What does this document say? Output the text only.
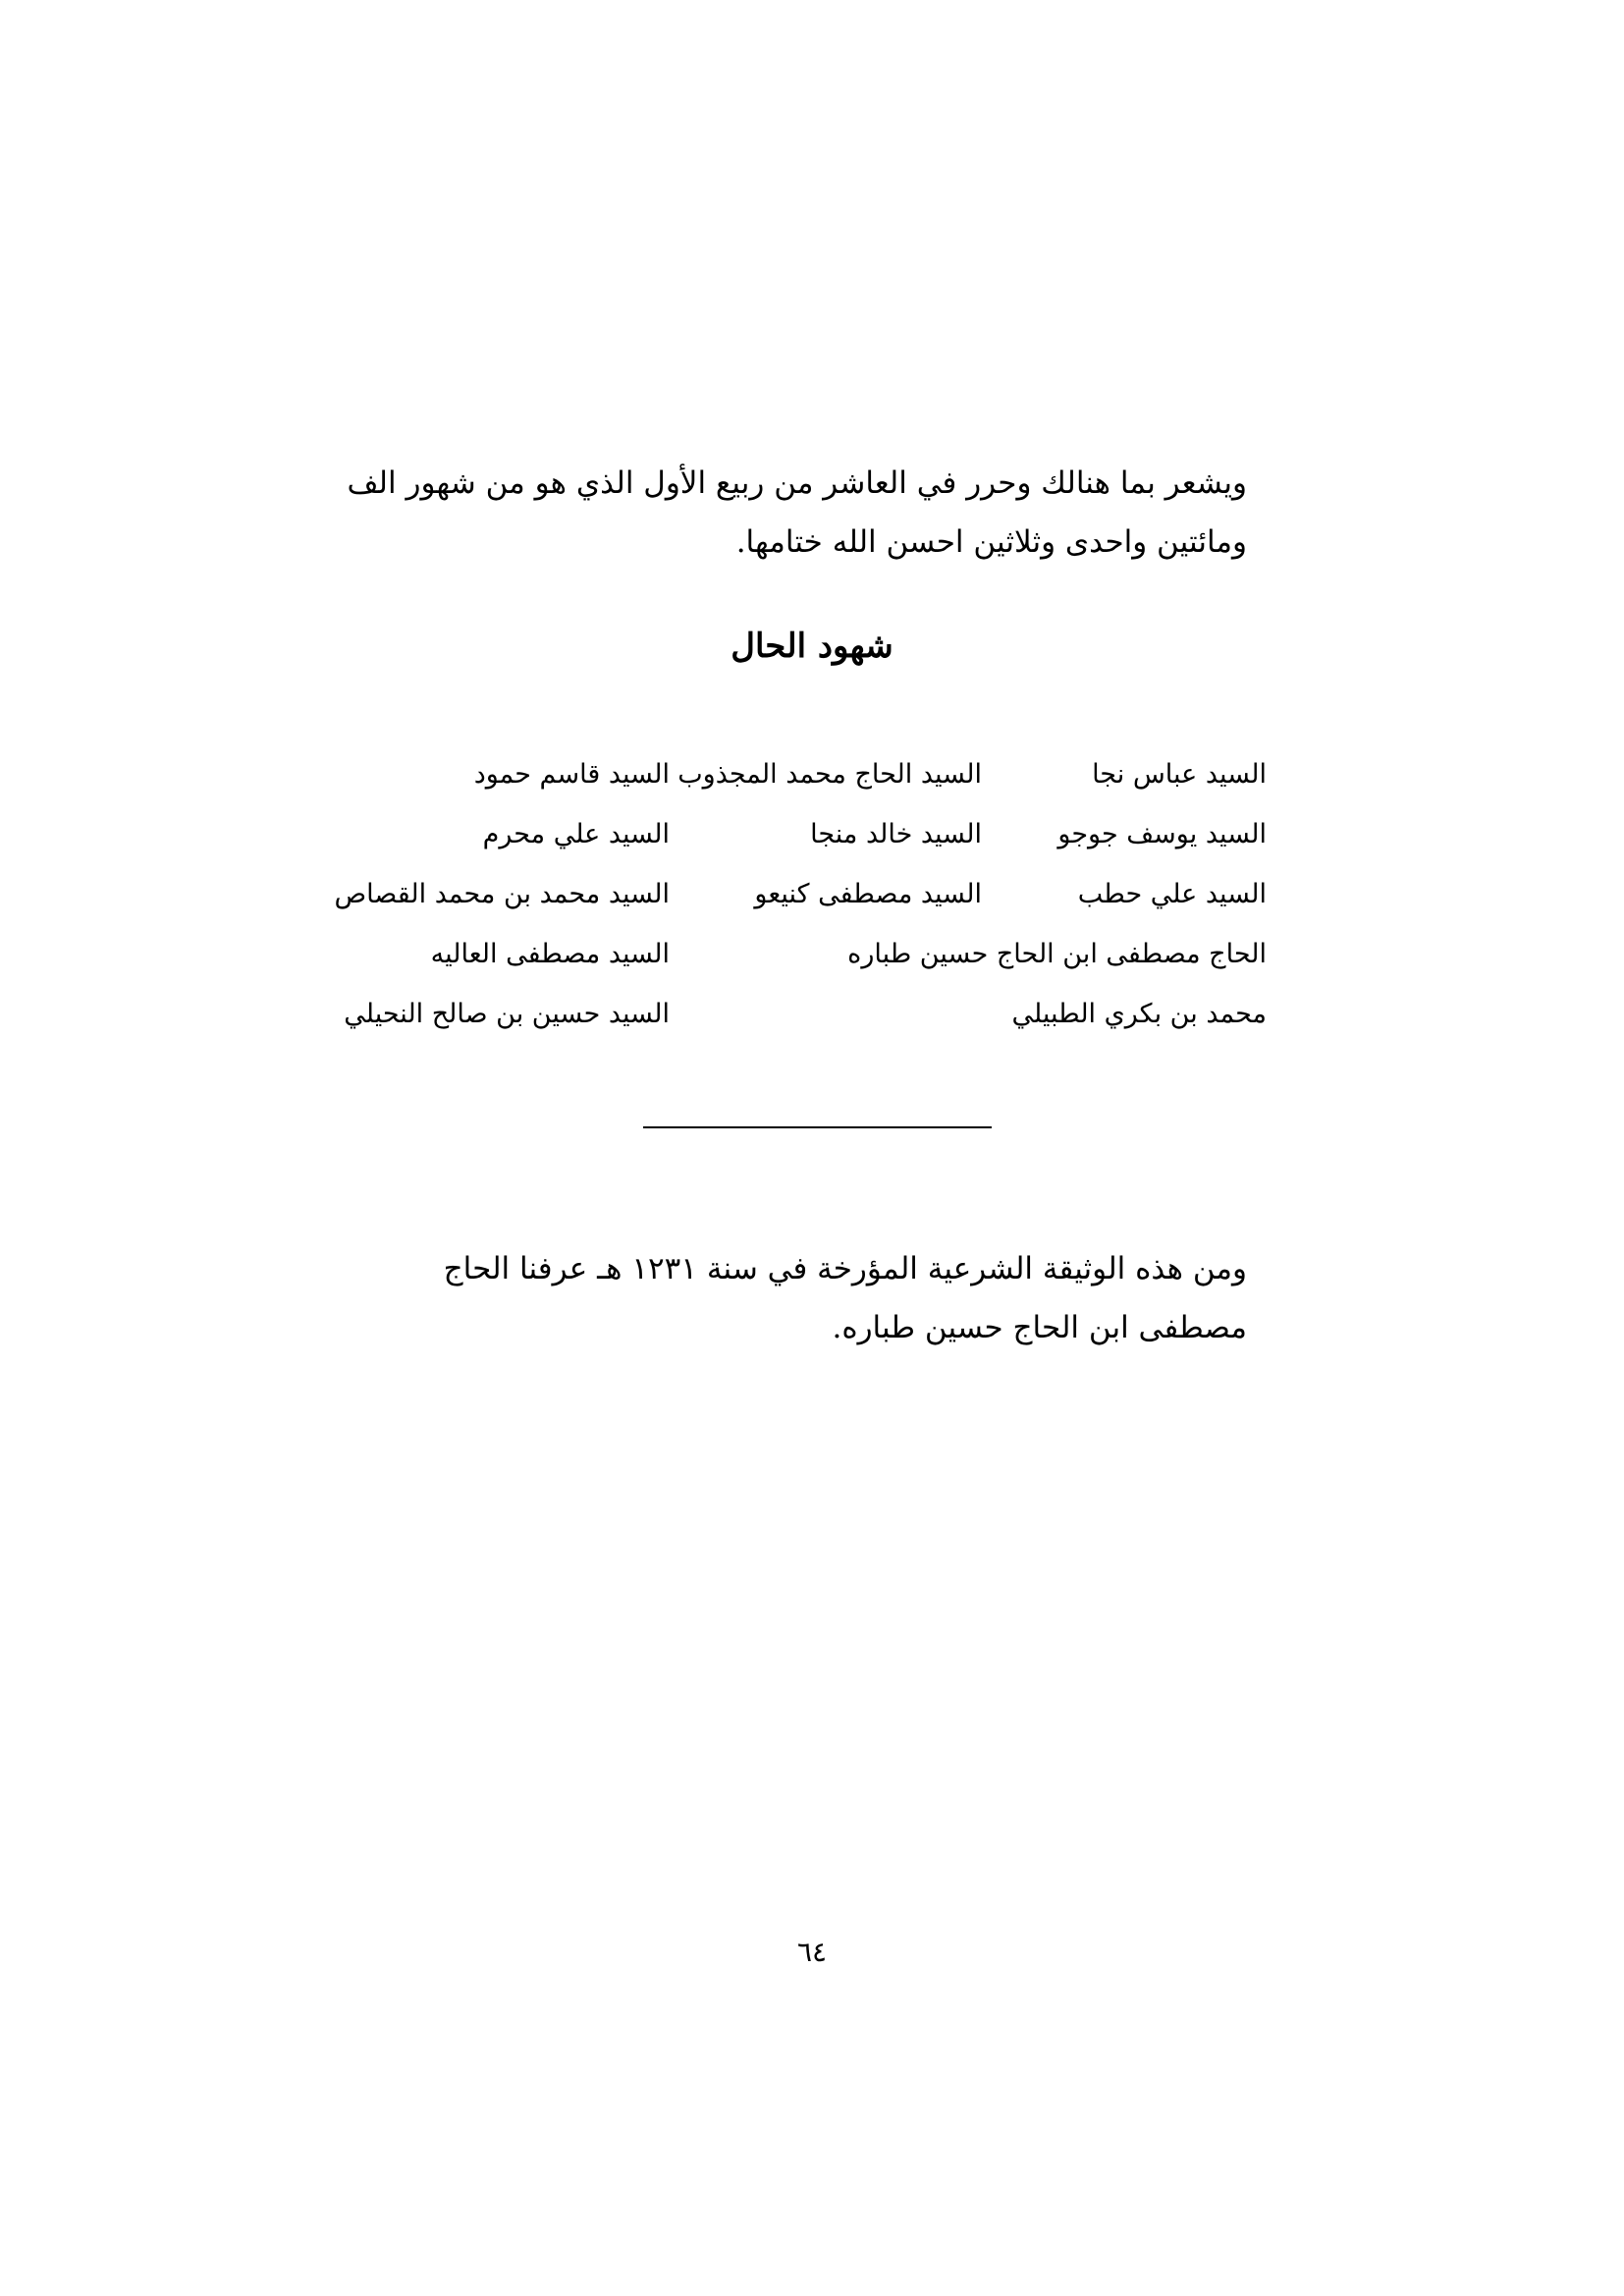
ويشعر بما هنالك وحرر في العاشر من ربيع الأول الذي هو من شهور الف
ومائتين واحدى وثلاثين احسن الله ختامها.
شهود الحال
السيد عباس نجا
السيد الحاج محمد المجذوب
السيد قاسم حمود
السيد يوسف جوجو
السيد خالد منجا
السيد علي محرم
السيد علي حطب
السيد مصطفى كنيعو
السيد محمد بن محمد القصاص
الحاج مصطفى ابن الحاج حسين طباره
السيد مصطفى العاليه
محمد بن بكري الطبيلي
السيد حسين بن صالح النحيلي
ومن هذه الوثيقة الشرعية المؤرخة في سنة ١٢٣١ هـ عرفنا الحاج
مصطفى ابن الحاج حسين طباره.
٦٤
